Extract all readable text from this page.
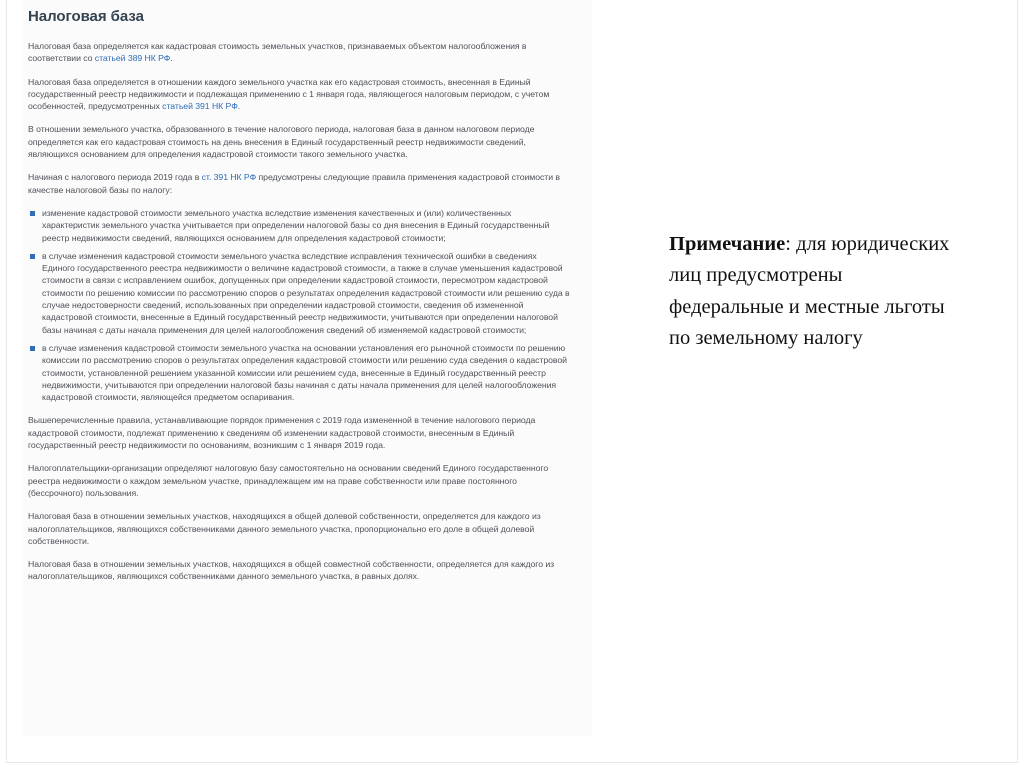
Налоговая база

Налоговая база определяется как кадастровая стоимость земельных участков, признаваемых объектом налогообложения в соответствии со статьей 389 НК РФ.

Налоговая база определяется в отношении каждого земельного участка как его кадастровая стоимость, внесенная в Единый государственный реестр недвижимости и подлежащая применению с 1 января года, являющегося налоговым периодом, с учетом особенностей, предусмотренных статьей 391 НК РФ.

В отношении земельного участка, образованного в течение налогового периода, налоговая база в данном налоговом периоде определяется как его кадастровая стоимость на день внесения в Единый государственный реестр недвижимости сведений, являющихся основанием для определения кадастровой стоимости такого земельного участка.

Начиная с налогового периода 2019 года в ст. 391 НК РФ предусмотрены следующие правила применения кадастровой стоимости в качестве налоговой базы по налогу:

изменение кадастровой стоимости земельного участка вследствие изменения качественных и (или) количественных характеристик земельного участка учитывается при определении налоговой базы со дня внесения в Единый государственный реестр недвижимости сведений, являющихся основанием для определения кадастровой стоимости;
в случае изменения кадастровой стоимости земельного участка вследствие исправления технической ошибки в сведениях Единого государственного реестра недвижимости о величине кадастровой стоимости, а также в случае уменьшения кадастровой стоимости в связи с исправлением ошибок, допущенных при определении кадастровой стоимости, пересмотром кадастровой стоимости по решению комиссии по рассмотрению споров о результатах определения кадастровой стоимости или решению суда в случае недостоверности сведений, использованных при определении кадастровой стоимости, сведения об измененной кадастровой стоимости, внесенные в Единый государственный реестр недвижимости, учитываются при определении налоговой базы начиная с даты начала применения для целей налогообложения сведений об изменяемой кадастровой стоимости;
в случае изменения кадастровой стоимости земельного участка на основании установления его рыночной стоимости по решению комиссии по рассмотрению споров о результатах определения кадастровой стоимости или решению суда сведения о кадастровой стоимости, установленной решением указанной комиссии или решением суда, внесенные в Единый государственный реестр недвижимости, учитываются при определении налоговой базы начиная с даты начала применения для целей налогообложения кадастровой стоимости, являющейся предметом оспаривания.

Вышеперечисленные правила, устанавливающие порядок применения с 2019 года измененной в течение налогового периода кадастровой стоимости, подлежат применению к сведениям об изменении кадастровой стоимости, внесенным в Единый государственный реестр недвижимости по основаниям, возникшим с 1 января 2019 года.

Налогоплательщики-организации определяют налоговую базу самостоятельно на основании сведений Единого государственного реестра недвижимости о каждом земельном участке, принадлежащем им на праве собственности или праве постоянного (бессрочного) пользования.

Налоговая база в отношении земельных участков, находящихся в общей долевой собственности, определяется для каждого из налогоплательщиков, являющихся собственниками данного земельного участка, пропорционально его доле в общей долевой собственности.

Налоговая база в отношении земельных участков, находящихся в общей совместной собственности, определяется для каждого из налогоплательщиков, являющихся собственниками данного земельного участка, в равных долях.

Примечание: для юридических лиц предусмотрены федеральные и местные льготы по земельному налогу
